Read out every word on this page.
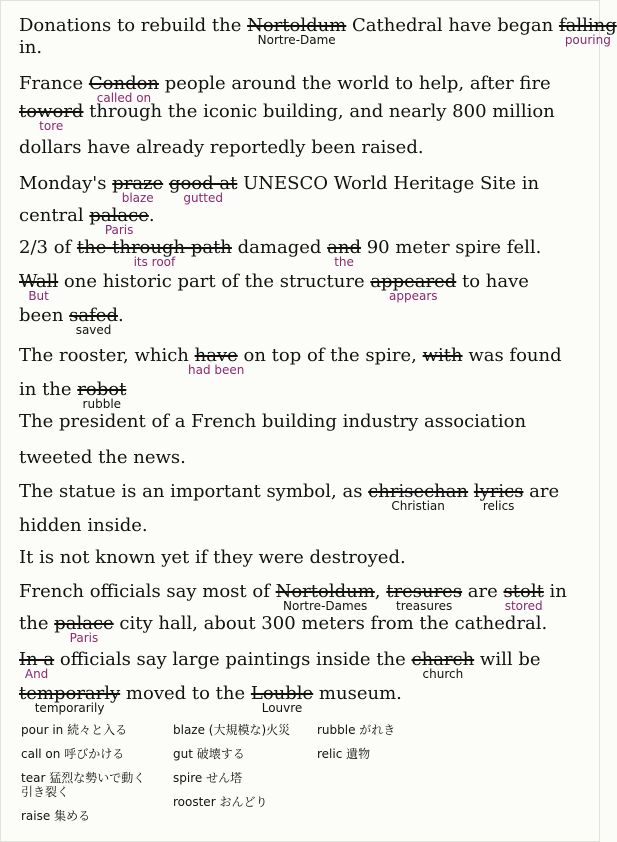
Donations to rebuild the Nortoldum
Nortre-Dame
Cathedral have began falling
pouring
in.
France Condon
called on
people around the world to help, after fire
toword
tore
through the iconic building, and nearly 800 million
dollars have already reportedly been raised.
Monday's praze
blaze
good at
gutted
UNESCO World Heritage Site in
central palace
Paris
.
2/3 of the through path
its roof
damaged and
the
90 meter spire fell.
Wall
But
one historic part of the structure appeared
appears
to have
been safed
saved
.
The rooster, which have
had been
on top of the spire, with was found
in the robot
rubble
The president of a French building industry association
tweeted the news.
The statue is an important symbol, as chrisechan
Christian
lyrics
relics
are
hidden inside.
It is not known yet if they were destroyed.
French officials say most of Nortoldum
Nortre-Dames
, tresures
treasures
are stolt
stored
in
the palace
Paris
city hall, about 300 meters from the cathedral.
In a
And
officials say large paintings inside the charch
church
will be
temporarly
temporarily
moved to the Louble
Louvre
museum.
pour in 続々と入る
call on 呼びかける
tear 猛烈な勢いで動く
引き裂く
raise 集める
blaze (大規模な)火災
gut 破壊する
spire せん塔
rooster おんどり
rubble がれき
relic 遺物
